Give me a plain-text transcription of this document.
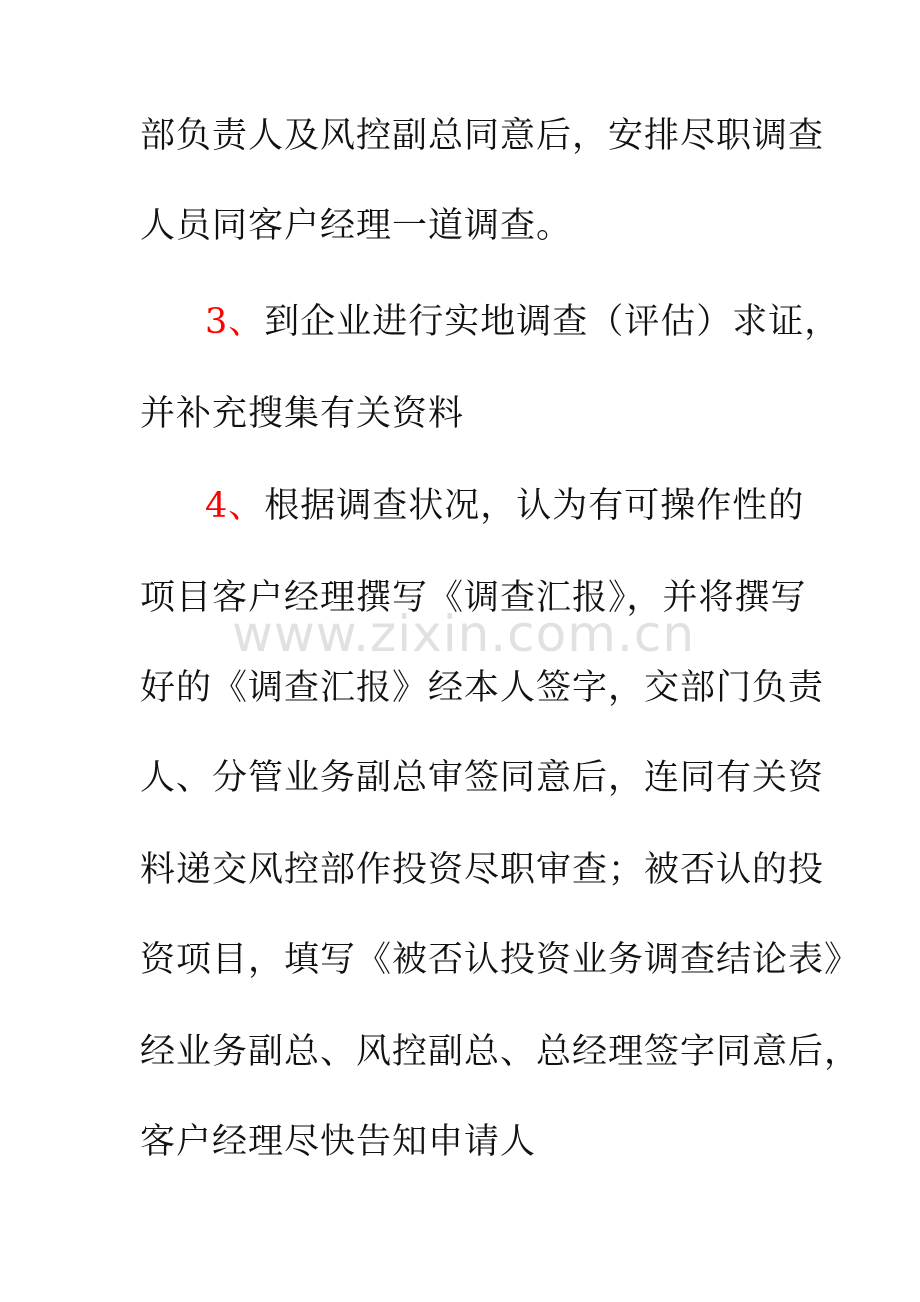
部负责人及风控副总同意后，安排尽职调查
人员同客户经理一道调查。
3、到企业进行实地调查（评估）求证，
并补充搜集有关资料
4、根据调查状况，认为有可操作性的
项目客户经理撰写《调查汇报》，并将撰写
好的《调查汇报》经本人签字，交部门负责
人、分管业务副总审签同意后，连同有关资
料递交风控部作投资尽职审查；被否认的投
资项目，填写《被否认投资业务调查结论表》
经业务副总、风控副总、总经理签字同意后，
客户经理尽快告知申请人
www.zixin.com.cn
